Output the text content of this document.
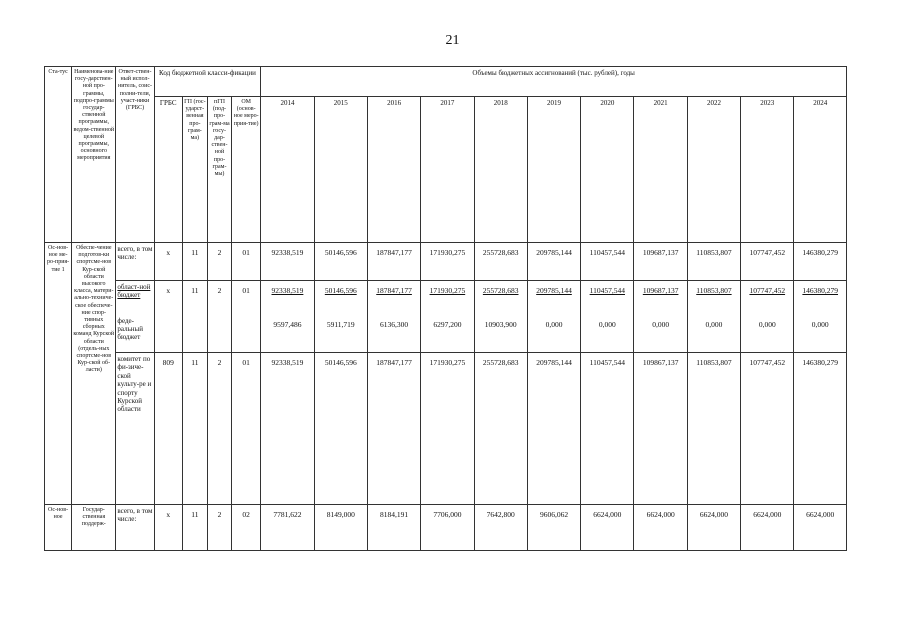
21
Ста-тус	Наименова-ние госу-дарствен-ной про-граммы, подпро-граммы государ-ственной программы, ведом-ственной целевой программы, основного мероприятия	Ответ-ствен-ный испол-нитель, соис-полни-тели, участ-ники (ГРБС)	Код бюджетной класси-фикации				Объемы бюджетных ассигнований (тыс. рублей), годы										
			ГРБС	ГП (гос-ударст-венная про-грам-ма)	пГП (под-про-грам-ма госу-дар-ствен-ной про-грам-мы)	ОМ (основ-ное меро-прия-тие)	2014	2015	2016	2017	2018	2019	2020	2021	2022	2023	2024
Ос-нов-ное ме-ро-прия-тие 1	Обеспе-чение подготов-ки спортсме-нов Кур-ской области высокого класса, матери-ально-техниче-ское обеспече-ние спор-тивных сборных команд Курской области (отдель-ных спортсме-нов Кур-ской об-ласти)	всего, в том числе:	x	11	2	01	92338,519	50146,596	187847,177	171930,275	255728,683	209785,144	110457,544	109687,137	110853,807	107747,452	146380,279
		област-ной бюджет	x	11	2	01	92338,519	50146,596	187847,177	171930,275	255728,683	209785,144	110457,544	109687,137	110853,807	107747,452	146380,279
		феде-ральный бюджет					9597,486	5911,719	6136,300	6297,200	10903,900	0,000	0,000	0,000	0,000	0,000	0,000
		комитет по фи-зиче-ской культу-ре и спорту Курской области	809	11	2	01	92338,519	50146,596	187847,177	171930,275	255728,683	209785,144	110457,544	109867,137	110853,807	107747,452	146380,279
Ос-нов-ное	Государ-ственная поддерж-	всего, в том числе:	x	11	2	02	7781,622	8149,000	8184,191	7706,000	7642,800	9606,062	6624,000	6624,000	6624,000	6624,000	6624,000
